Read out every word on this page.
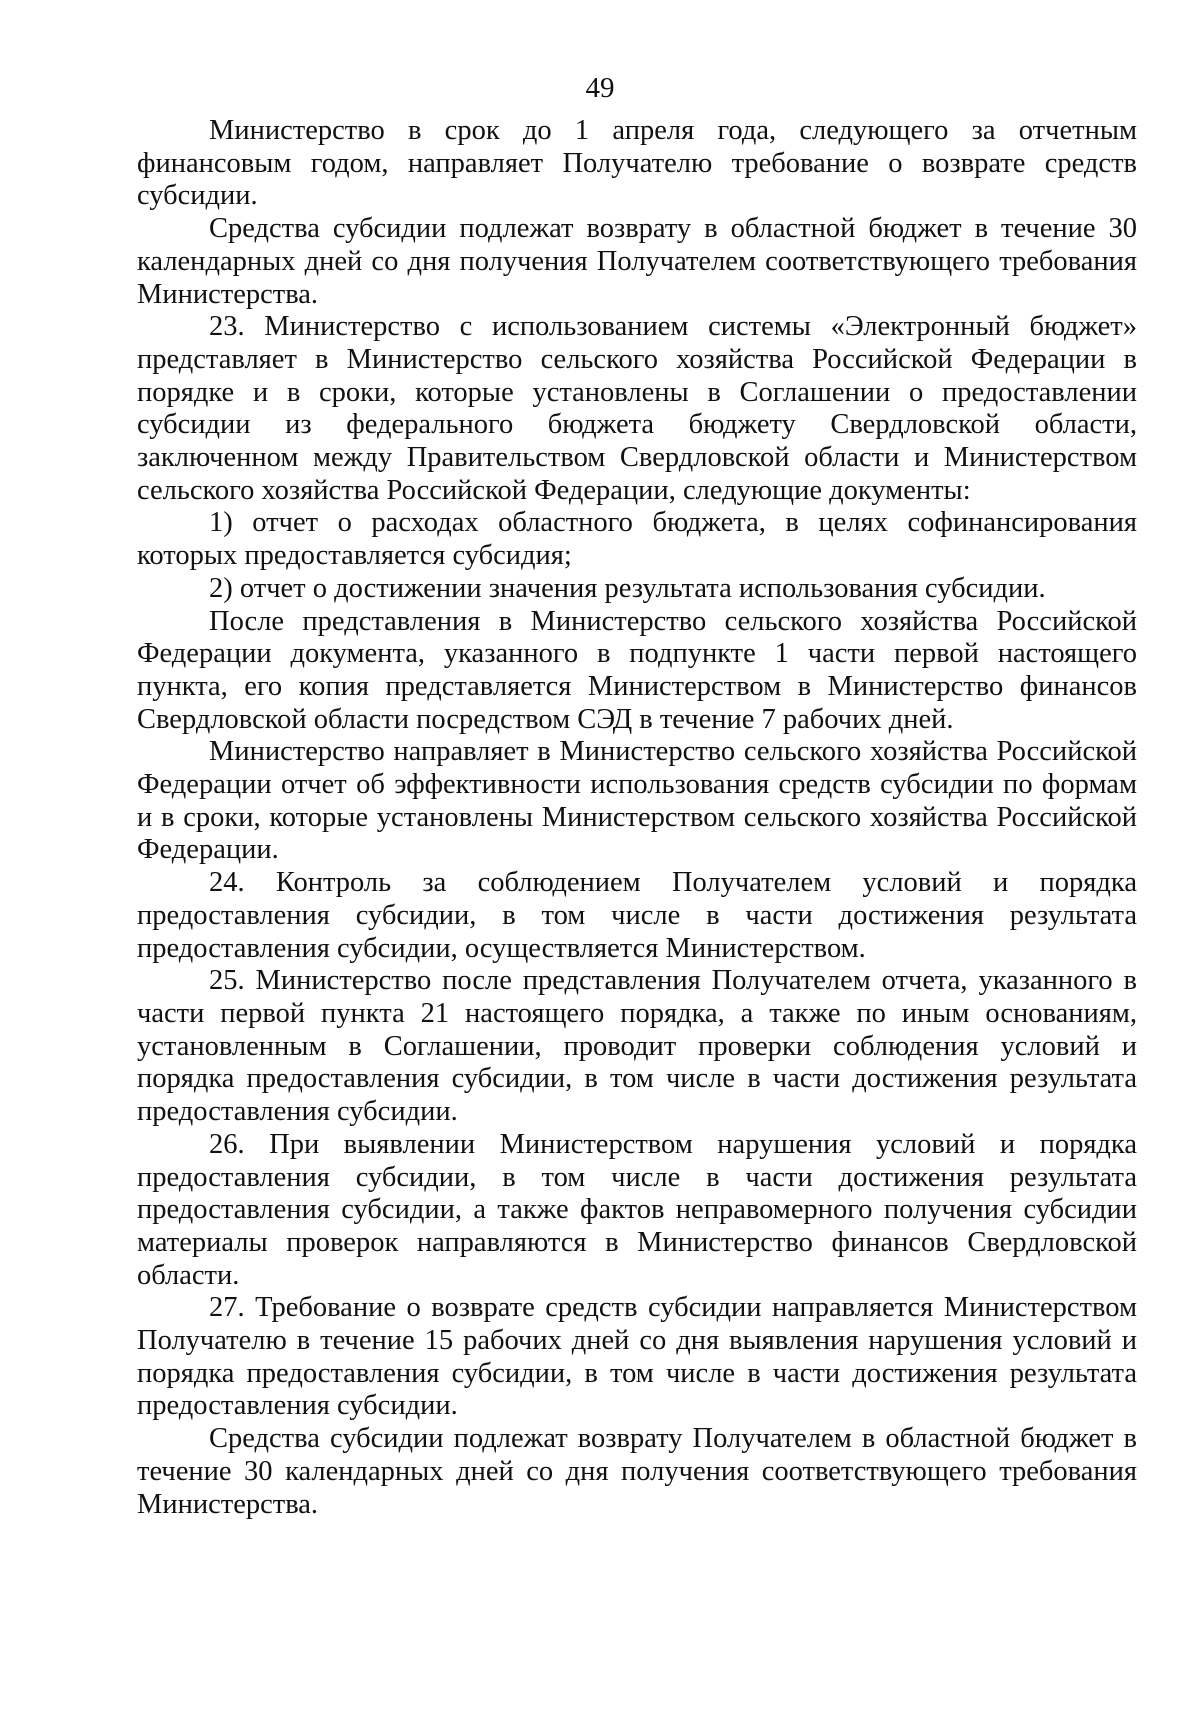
49

Министерство в срок до 1 апреля года, следующего за отчетным финансовым годом, направляет Получателю требование о возврате средств субсидии.

Средства субсидии подлежат возврату в областной бюджет в течение 30 календарных дней со дня получения Получателем соответствующего требования Министерства.

23. Министерство с использованием системы «Электронный бюджет» представляет в Министерство сельского хозяйства Российской Федерации в порядке и в сроки, которые установлены в Соглашении о предоставлении субсидии из федерального бюджета бюджету Свердловской области, заключенном между Правительством Свердловской области и Министерством сельского хозяйства Российской Федерации, следующие документы:

1) отчет о расходах областного бюджета, в целях софинансирования которых предоставляется субсидия;

2) отчет о достижении значения результата использования субсидии.

После представления в Министерство сельского хозяйства Российской Федерации документа, указанного в подпункте 1 части первой настоящего пункта, его копия представляется Министерством в Министерство финансов Свердловской области посредством СЭД в течение 7 рабочих дней.

Министерство направляет в Министерство сельского хозяйства Российской Федерации отчет об эффективности использования средств субсидии по формам и в сроки, которые установлены Министерством сельского хозяйства Российской Федерации.

24. Контроль за соблюдением Получателем условий и порядка предоставления субсидии, в том числе в части достижения результата предоставления субсидии, осуществляется Министерством.

25. Министерство после представления Получателем отчета, указанного в части первой пункта 21 настоящего порядка, а также по иным основаниям, установленным в Соглашении, проводит проверки соблюдения условий и порядка предоставления субсидии, в том числе в части достижения результата предоставления субсидии.

26. При выявлении Министерством нарушения условий и порядка предоставления субсидии, в том числе в части достижения результата предоставления субсидии, а также фактов неправомерного получения субсидии материалы проверок направляются в Министерство финансов Свердловской области.

27. Требование о возврате средств субсидии направляется Министерством Получателю в течение 15 рабочих дней со дня выявления нарушения условий и порядка предоставления субсидии, в том числе в части достижения результата предоставления субсидии.

Средства субсидии подлежат возврату Получателем в областной бюджет в течение 30 календарных дней со дня получения соответствующего требования Министерства.
